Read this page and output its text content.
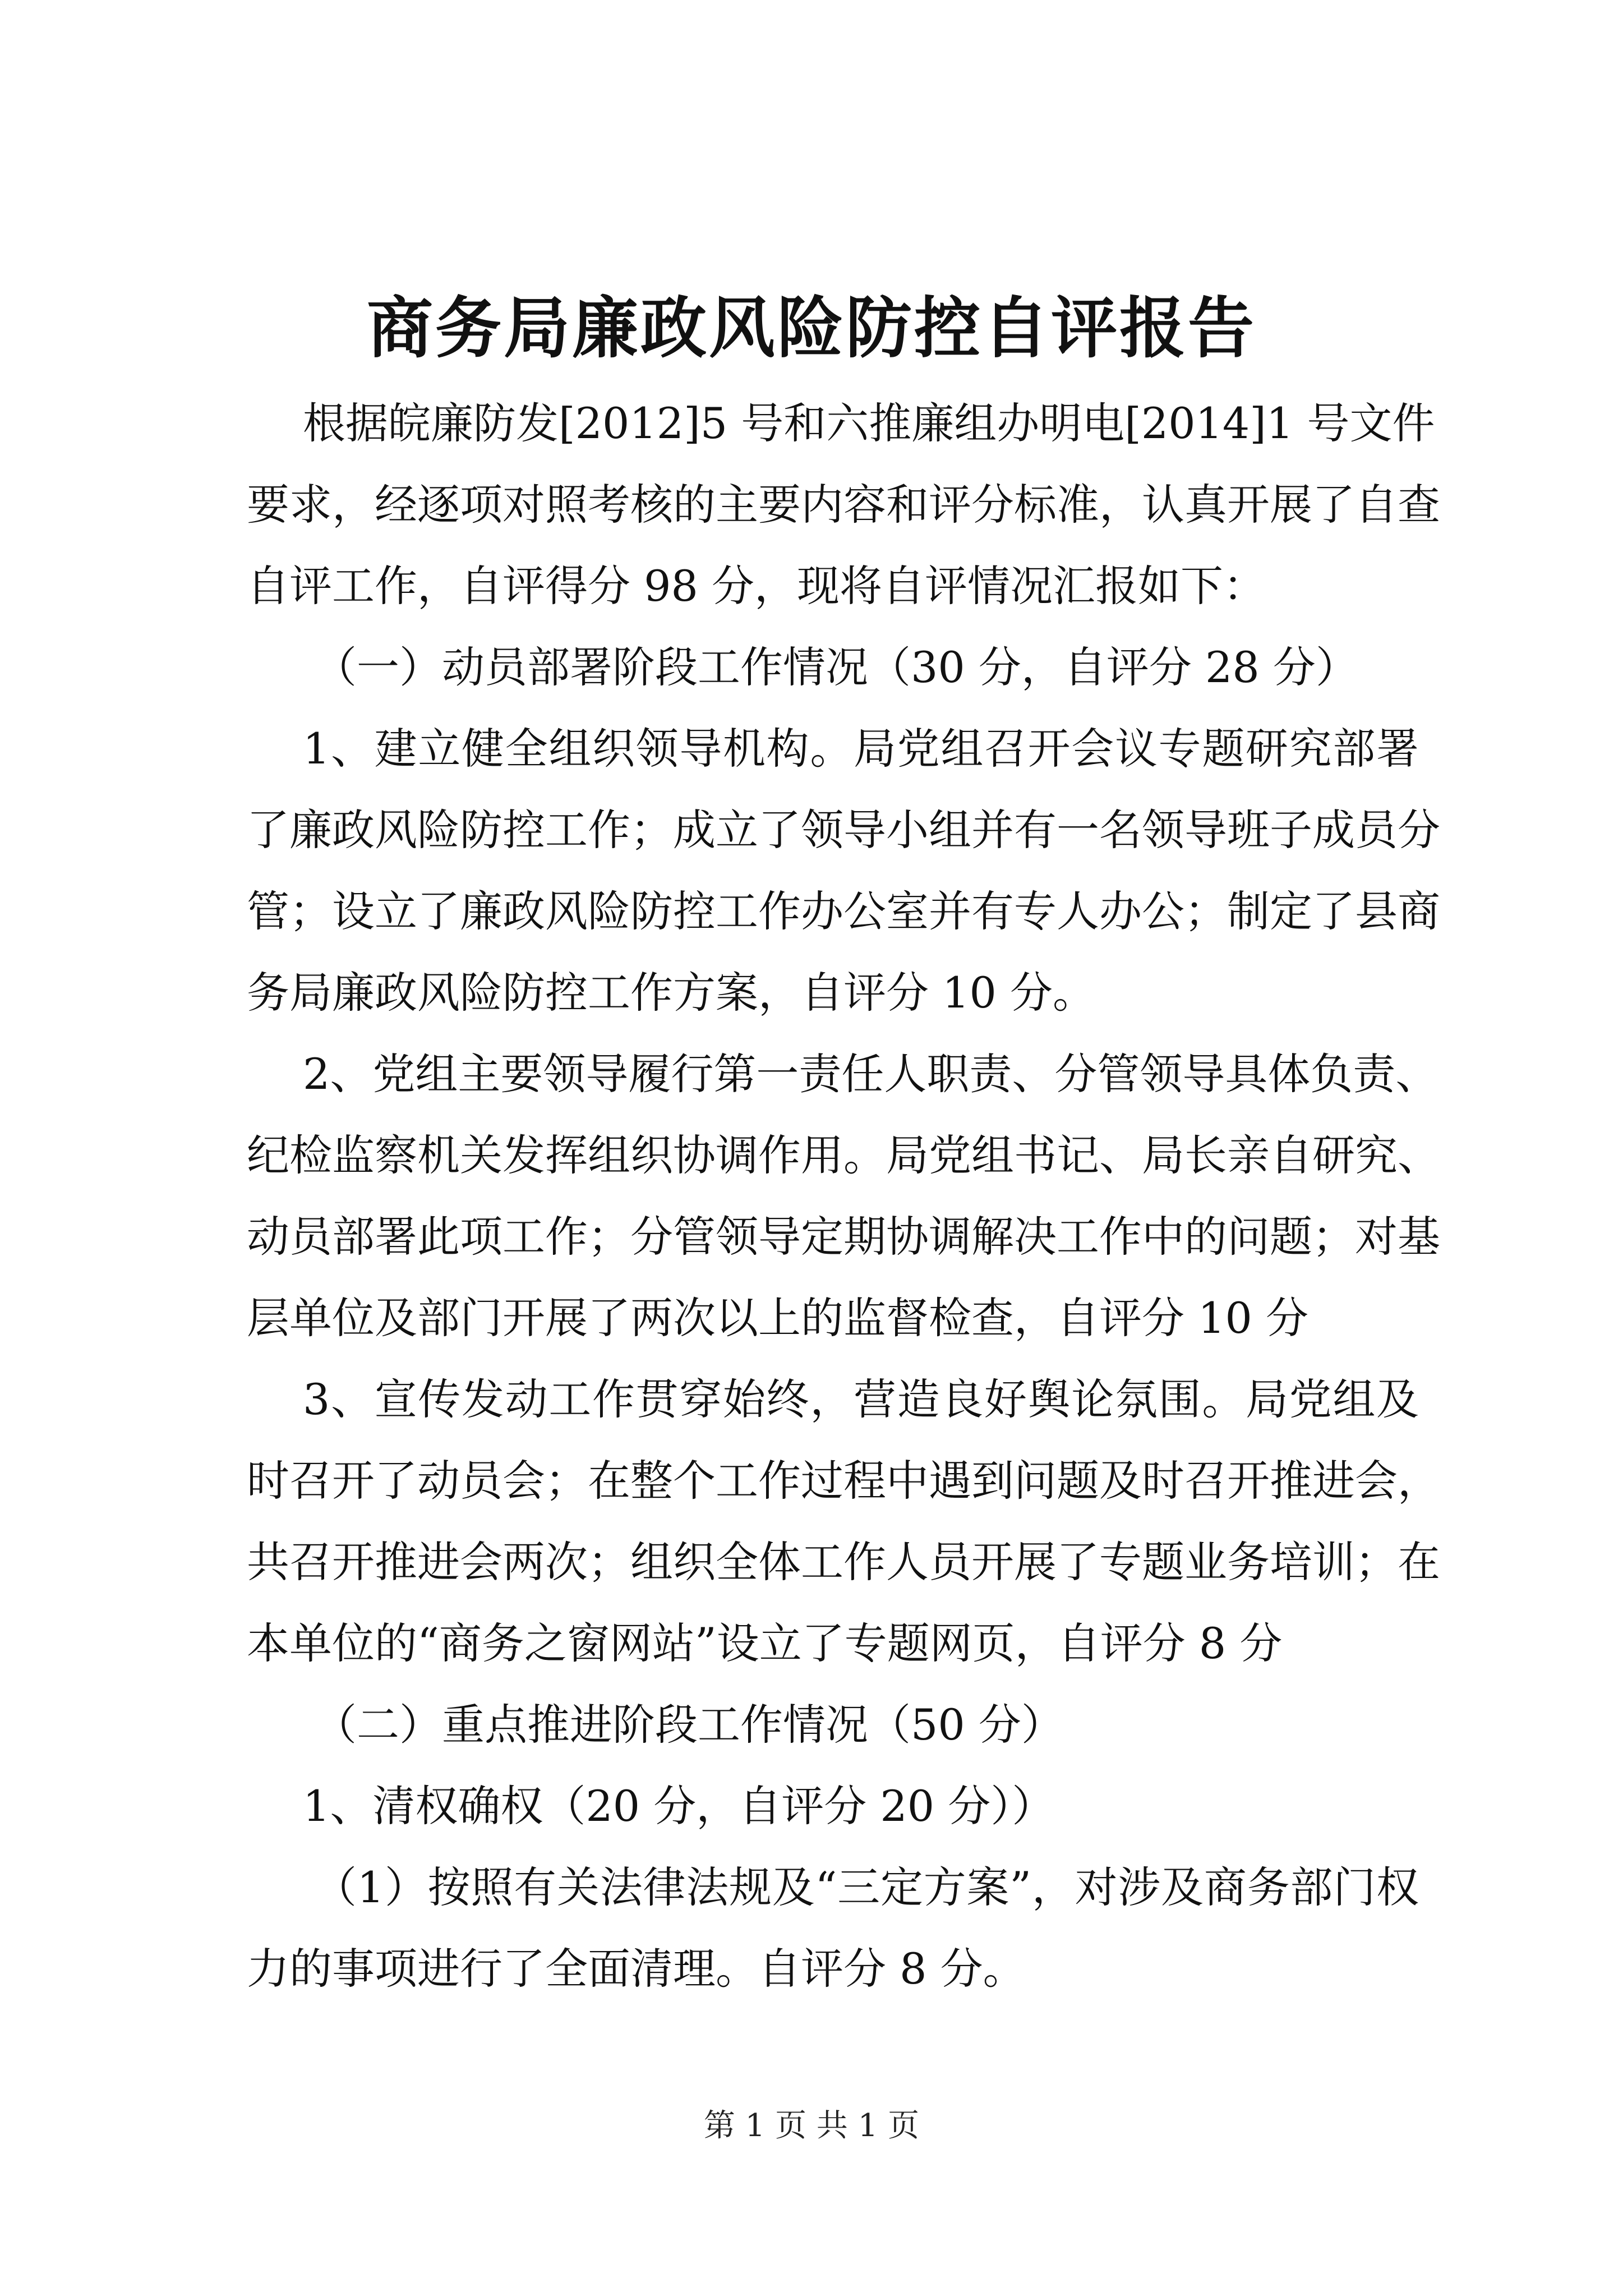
商务局廉政风险防控自评报告

根据皖廉防发[2012]5 号和六推廉组办明电[2014]1 号文件

要求，经逐项对照考核的主要内容和评分标准，认真开展了自查

自评工作，自评得分 98 分，现将自评情况汇报如下：

（一）动员部署阶段工作情况（30 分，自评分 28 分）

1、建立健全组织领导机构。局党组召开会议专题研究部署

了廉政风险防控工作；成立了领导小组并有一名领导班子成员分

管；设立了廉政风险防控工作办公室并有专人办公；制定了县商

务局廉政风险防控工作方案，自评分 10 分。

2、党组主要领导履行第一责任人职责、分管领导具体负责、

纪检监察机关发挥组织协调作用。局党组书记、局长亲自研究、

动员部署此项工作；分管领导定期协调解决工作中的问题；对基

层单位及部门开展了两次以上的监督检查，自评分 10 分

3、宣传发动工作贯穿始终，营造良好舆论氛围。局党组及

时召开了动员会；在整个工作过程中遇到问题及时召开推进会，

共召开推进会两次；组织全体工作人员开展了专题业务培训；在

本单位的“商务之窗网站”设立了专题网页，自评分 8 分

（二）重点推进阶段工作情况（50 分）

1、清权确权（20 分，自评分 20 分））

（1）按照有关法律法规及“三定方案”，对涉及商务部门权

力的事项进行了全面清理。自评分 8 分。

第 1 页 共 1 页
